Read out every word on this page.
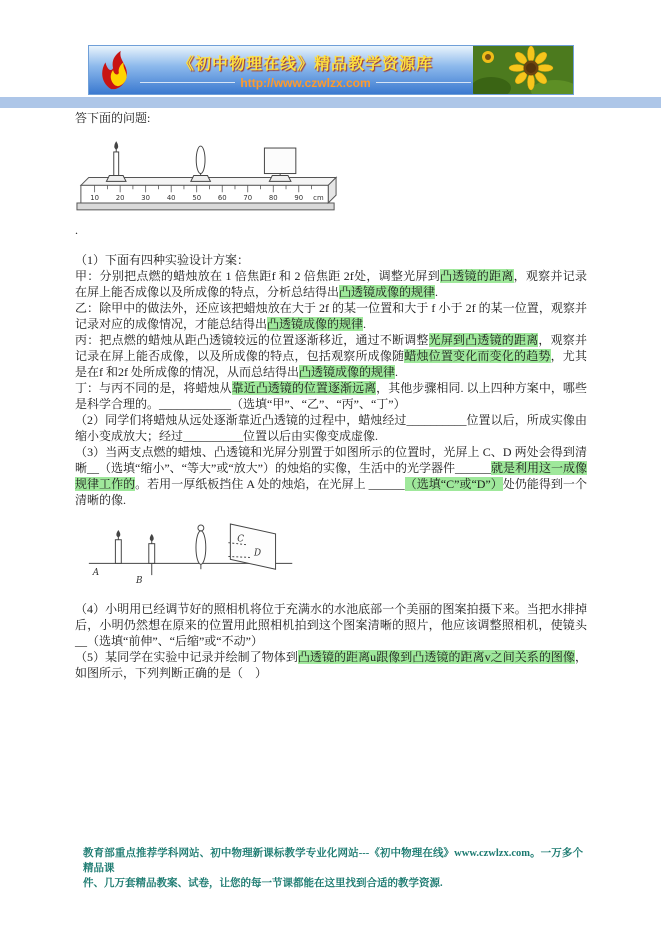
《初中物理在线》精品教学资源库
http://www.czwlzx.com

答下面的问题:

10 20 30 40 50 60 70 80 90 cm

.

（1）下面有四种实验设计方案：

甲：分别把点燃的蜡烛放在 1 倍焦距f 和 2 倍焦距 2f处，调整光屏到凸透镜的距离，观察并记录在屏上能否成像以及所成像的特点，分析总结得出凸透镜成像的规律.

乙：除甲中的做法外，还应该把蜡烛放在大于 2f 的某一位置和大于 f 小于 2f 的某一位置，观察并记录对应的成像情况，才能总结得出凸透镜成像的规律.

丙：把点燃的蜡烛从距凸透镜较远的位置逐渐移近，通过不断调整光屏到凸透镜的距离，观察并记录在屏上能否成像，以及所成像的特点，包括观察所成像随蜡烛位置变化而变化的趋势，尤其是在f 和2f 处所成像的情况，从而总结得出凸透镜成像的规律.

丁：与丙不同的是，将蜡烛从靠近凸透镜的位置逐渐远离，其他步骤相同. 以上四种方案中，哪些是科学合理的。____________（选填“甲”、“乙”、“丙”、“丁”）

（2）同学们将蜡烛从远处逐渐靠近凸透镜的过程中，蜡烛经过__________位置以后，所成实像由缩小变成放大；经过__________位置以后由实像变成虚像.

（3）当两支点燃的蜡烛、凸透镜和光屏分别置于如图所示的位置时，光屏上 C、D 两处会得到清晰__（选填“缩小”、“等大”或“放大”）的烛焰的实像，生活中的光学器件______就是利用这一成像规律工作的。若用一厚纸板挡住 A 处的烛焰，在光屏上 ______（选填“C”或“D”）处仍能得到一个清晰的像.

A
B
C
D

（4）小明用已经调节好的照相机将位于充满水的水池底部一个美丽的图案拍摄下来。当把水排掉后，小明仍然想在原来的位置用此照相机拍到这个图案清晰的照片，他应该调整照相机，使镜头__（选填“前伸”、“后缩”或“不动”）

（5）某同学在实验中记录并绘制了物体到凸透镜的距离u跟像到凸透镜的距离v之间关系的图像，如图所示，下列判断正确的是（　）

教育部重点推荐学科网站、初中物理新课标教学专业化网站---《初中物理在线》www.czwlzx.com。一万多个精品课
件、几万套精品教案、试卷，让您的每一节课都能在这里找到合适的教学资源.
